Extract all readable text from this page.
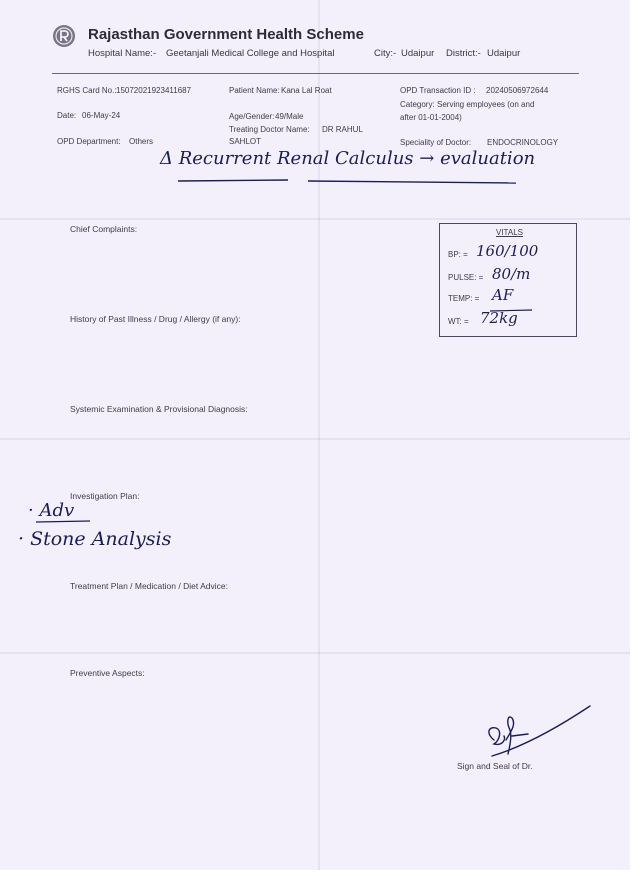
Rajasthan Government Health Scheme
Hospital Name:- Geetanjali Medical College and Hospital	City:- Udaipur District:- Udaipur
RGHS Card No.: 15072021923411687	Patient Name: Kana Lal Roat	OPD Transaction ID : 20240506972644
Date: 06-May-24	Age/Gender: 49/Male
Category: Serving employees (on and
after 01-01-2004)
Treating Doctor Name: DR RAHUL
SAHLOT
OPD Department: Others	Speciality of Doctor: ENDOCRINOLOGY
Δ Recurrent Renal Calculus → evaluation
Chief Complaints:
History of Past Illness / Drug / Allergy (if any):
Systemic Examination & Provisional Diagnosis:
Investigation Plan:
Treatment Plan / Medication / Diet Advice:
Preventive Aspects:
· Adv
· Stone Analysis
VITALS
BP: = 160/100
PULSE: = 80/m
TEMP: = AF
WT: = 72kg
Sign and Seal of Dr.
